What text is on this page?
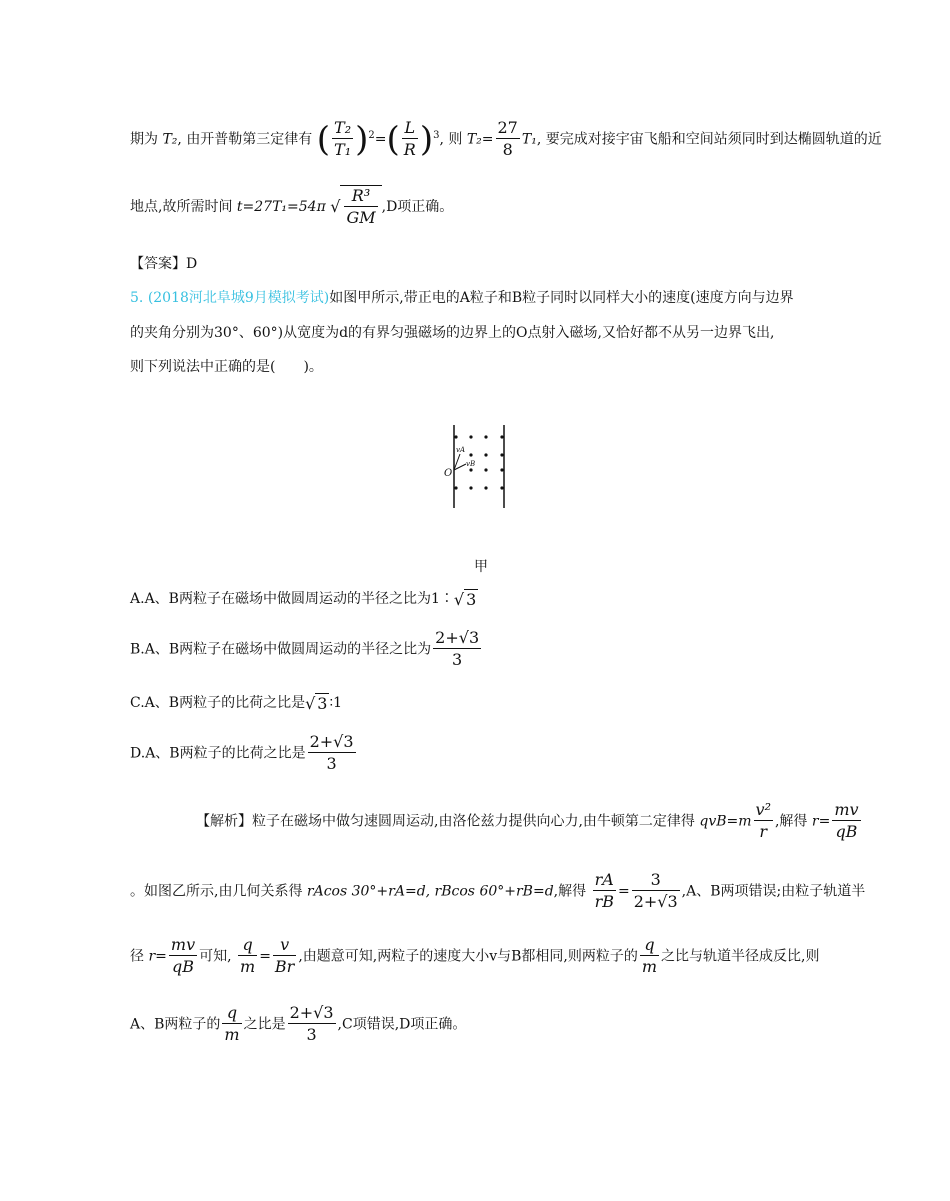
期为 T₂, 由开普勒第三定律有 ( $\frac{\text{T₂}}{\text{T₁}} )^2=( \frac{L}{R} )^3$, 则 $T_2= \frac{27}{8} T_1$, 要完成对接宇宙飞船和空间站须同时到达椭圆轨道的近
地点,故所需时间 t=27T₁=54π √ $\frac{\text{R³}}{GM} ,D$项正确。
【答案】D
5. (2018河北阜城9月模拟考试)如图甲所示,带正电的A粒子和B粒子同时以同样大小的速度(速度方向与边界
的夹角分别为30°、60°)从宽度为d的有界匀强磁场的边界上的O点射入磁场,又恰好都不从另一边界飞出,
则下列说法中正确的是(　　)。
O
vA
vB
甲
A.A、B两粒子在磁场中做圆周运动的半径之比为1∶√ 3
B.A、B两粒子在磁场中做圆周运动的半径之比为 $\frac{2+√3}{3}$
C.A、B两粒子的比荷之比是√ 3 ∶1
D.A、B两粒子的比荷之比是 $\frac{2+√3}{3}$
【解析】粒子在磁场中做匀速圆周运动,由洛伦兹力提供向心力,由牛顿第二定律得 $qvB=m \frac{\text{v²}}{r}$ ,解得 $r= \frac{mv}{qB}$
。如图乙所示,由几何关系得 rAcos 30°+rA=d, rBcos 60°+rB=d,解得 $\frac{rA}{rB} = \frac{3}{2+√3} ,A$、B两项错误;由粒子轨道半
径 $r= \frac{mv}{qB}$ 可知, $\frac{q}{m} = \frac{v}{Br}$ ,由题意可知,两粒子的速度大小v与B都相同,则两粒子的 $\frac{q}{m}$ 之比与轨道半径成反比,则
A、B两粒子的 $\frac{q}{m}$ 之比是 $\frac{2+√3}{3} ,C$项错误,D项正确。
